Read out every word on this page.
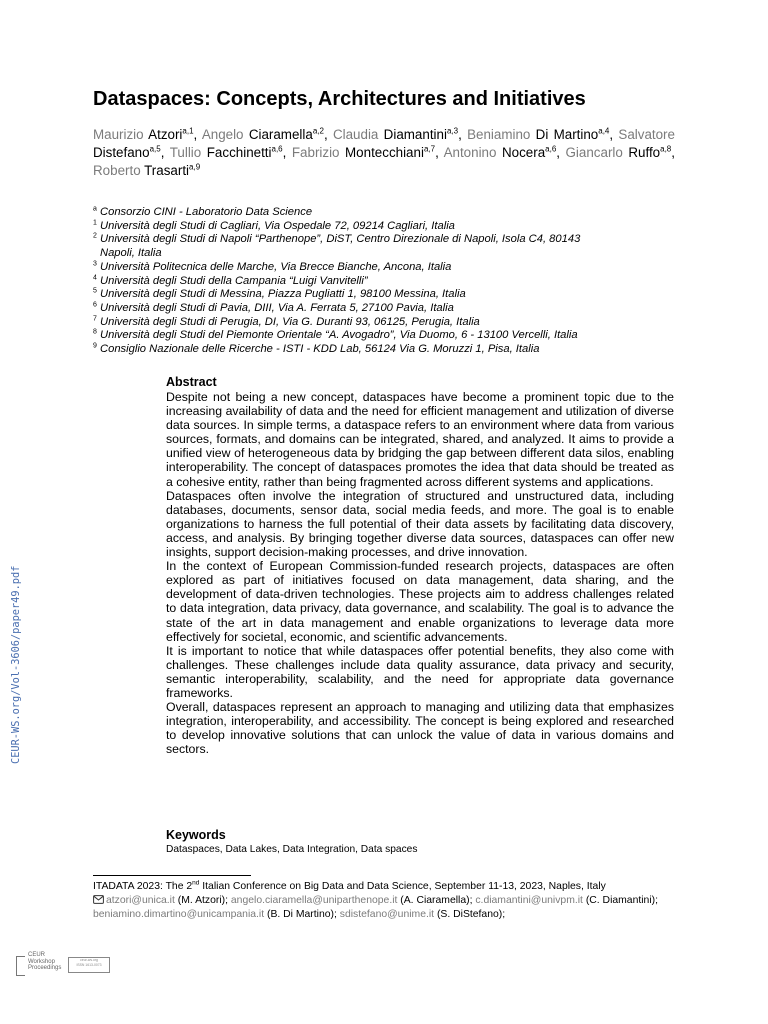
Dataspaces: Concepts, Architectures and Initiatives
Maurizio Atzori$^{a,1}$, Angelo Ciaramella$^{a,2}$, Claudia Diamantini$^{a,3}$, Beniamino Di Martino$^{a,4}$, Salvatore Distefano$^{a,5}$, Tullio Facchinetti$^{a,6}$, Fabrizio Montecchiani$^{a,7}$, Antonino Nocera$^{a,6}$, Giancarlo Ruffo$^{a,8}$, Roberto Trasarti$^{a,9}$
$^a$ Consorzio CINI - Laboratorio Data Science
$^1$ Università degli Studi di Cagliari, Via Ospedale 72, 09214 Cagliari, Italia
$^2$ Università degli Studi di Napoli “Parthenope”, DiST, Centro Direzionale di Napoli, Isola C4, 80143
Napoli, Italia
$^3$ Università Politecnica delle Marche, Via Brecce Bianche, Ancona, Italia
$^4$ Università degli Studi della Campania “Luigi Vanvitelli”
$^5$ Università degli Studi di Messina, Piazza Pugliatti 1, 98100 Messina, Italia
$^6$ Università degli Studi di Pavia, DIII, Via A. Ferrata 5, 27100 Pavia, Italia
$^7$ Università degli Studi di Perugia, DI, Via G. Duranti 93, 06125, Perugia, Italia
$^8$ Università degli Studi del Piemonte Orientale “A. Avogadro”, Via Duomo, 6 - 13100 Vercelli, Italia
$^9$ Consiglio Nazionale delle Ricerche - ISTI - KDD Lab, 56124 Via G. Moruzzi 1, Pisa, Italia
Abstract

Despite not being a new concept, dataspaces have become a prominent topic due to the increasing availability of data and the need for efficient management and utilization of diverse data sources. In simple terms, a dataspace refers to an environment where data from various sources, formats, and domains can be integrated, shared, and analyzed. It aims to provide a unified view of heterogeneous data by bridging the gap between different data silos, enabling interoperability. The concept of dataspaces promotes the idea that data should be treated as a cohesive entity, rather than being fragmented across different systems and applications.

Dataspaces often involve the integration of structured and unstructured data, including databases, documents, sensor data, social media feeds, and more. The goal is to enable organizations to harness the full potential of their data assets by facilitating data discovery, access, and analysis. By bringing together diverse data sources, dataspaces can offer new insights, support decision-making processes, and drive innovation.

In the context of European Commission-funded research projects, dataspaces are often explored as part of initiatives focused on data management, data sharing, and the development of data-driven technologies. These projects aim to address challenges related to data integration, data privacy, data governance, and scalability. The goal is to advance the state of the art in data management and enable organizations to leverage data more effectively for societal, economic, and scientific advancements.

It is important to notice that while dataspaces offer potential benefits, they also come with challenges. These challenges include data quality assurance, data privacy and security, semantic interoperability, scalability, and the need for appropriate data governance frameworks.

Overall, dataspaces represent an approach to managing and utilizing data that emphasizes integration, interoperability, and accessibility. The concept is being explored and researched to develop innovative solutions that can unlock the value of data in various domains and sectors.

Keywords

Dataspaces, Data Lakes, Data Integration, Data spaces

ITADATA 2023: The 2nd Italian Conference on Big Data and Data Science, September 11-13, 2023, Naples, Italy
atzori@unica.it (M. Atzori); angelo.ciaramella@uniparthenope.it (A. Ciaramella); c.diamantini@univpm.it (C. Diamantini); beniamino.dimartino@unicampania.it (B. Di Martino); sdistefano@unime.it (S. DiStefano);
CEUR-WS.org/Vol-3606/paper49.pdf
CEUR
Workshop
Proceedings
ceur-ws.org
ISSN 1613-0073
